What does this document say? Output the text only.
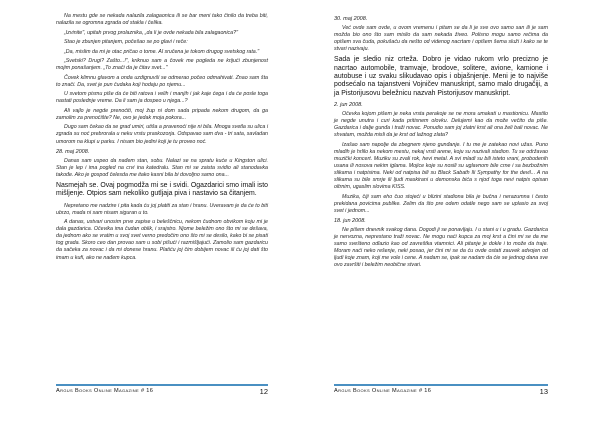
Na mestu gde se nekada nalazila zalagaonica ili se bar meni tako činilo da treba biti, nalazila se ogromna zgrada od stakla i čelika.

„Izvinite", upitah prvog prolaznika, „da li je ovde nekada bila zalagaonica?"

Stao je zbunjen pitanjem, počešao se po glavi i reče:

„Da, mislim da mi je otac pričao o tome. Al sručena je tokom drugog svetskog rata."

„Svetski? Drugi? Zašto...!", kriknuo sam a čovek me pogleda ne krijući zbunjenost mojim ponašanjem. „To znači da je čitav svet..."

Čovek klimnu glavom a onda uzdignuvši se odmerao počeo odmahivati. Znao sam šta to znači. Da, svet je pun čudaka koji hodaju po njemu...

U svetom pismu piše da će biti ratova i velih i manjih i jak kaje ćega i da će posle toga nastati poslednje vreme. Da li sam ja dospeo u njega...?

Ali vajlo je negde prenoćiti, moj žup ni dom sada pripada nekom drugom, da ga zamolim za prenoćište? Ne, ovo je jedak moja pokora...

Dugo sam čekao da se grad umiri, utiša a pravenoći nije ni bila. Mnoga svetla su ulica i zgrada su noć prebrorala u neku vrstu praskozorja. Odspavao sam dva - tri sata, savladan umorom na klupi u parku. I nisam bio jedini koji je tu proveo noć.

28. maj 2008.

Danas sam uspeo da nađem stan, sobu. Nalazi se na spratu kuće u Kingston ulici. Stan je lep i ima pogled na crvi ina katedralu. Stan mi se zaista svidio ali stanodavka takođe. Ako je gospođ čelesda me itako kasni bila bi dovoljno samo ona...

Nasmejah se. Ovaj pogmodža mi se i svidi. Ogazdarici smo imali isto mišljenje. Otpios sam nekoliko gutljaja piva i nastavio sa čitanjem.

Nepretano me nadzire i pita kada ću joj platiti za stan i hranu. Uveravam je da će to biti ubrzo, mada ni sam nisam siguran u to.

A danas, ustvari unosim prve zapise u beleščnicu, nekom čudnom obvikom koju mi je dala gazdarica. Očevika ima čudan oblik, i srajstro. Njome beležim ono što mi se dešava, da jednom ako se vratim u svoj svet verno predočim ono što mi se desilo, kako bi se pisati tog grada. Skoro ceo dan provao sam u sobi pišući i razmišljajući. Zamolio sam gazdaricu da sačeka za novac i da mi donese hranu. Platiću joj čim dobijem novac ili ću joj dati što imam u kufi, ako ne nađem kupca.

Argus Books Online Magazine # 16	12

30. maj 2008.

Već ovde sam ovde, u ovom vremenu i pitam se da li je sve ovo samo san ili je sam možda bio ono što sam mislio da sam nekada živeo. Polisno mogu samo rečima da opišem sva čuda, pokušaću da nešto od videnog nacrtam i opišem šema služi i kako se te stvari nazivaju.

Sada je sledio niz crteža. Dobro je vidao rukom vrlo precizno je nacrtao automobile, tramvaje, brodove, solitere, avione, kamione i autobuse i uz svaku slikudavao opis i objašnjenje. Meni je to najviše podsećalo na tajanstveni Vojničev manuskript, samo malo drugačiji, a ja Pistorijusovu beležnicu nazvah Pistorijusov manuskript.

2. jun 2008.

Očevka kojom pišem je neka vrsta perakoje se ne mora umakati u mastionicu. Mastilo je negde unutra i curi kada pritisnem olovku. Delujemi kao da može večito da piše. Gazdarica i dalje gunđa i traži novac. Ponudio sam joj zlatni krst ali ona želi bali novac. Ne shvatam, možda misli da je krst od lažnog zlata?

Izašao sam napolje da zbegnem njeno gunđanje. I tu me je zatekao novi užas. Puno mladih je hrlilo ka nekom mestu, nekaj vrsti arene, koju su nazivali stadion. Tu se održavao muzički koncert. Muziku su zvali rok, hevi metal. A svi mladi su bili isteto vrani, probodenih usana ili nosova nekim iglama. Mojice koje su nosili su uglavnom bile crne i sa bezbožnim slikama i natpisima. Neki od natpisa bili su Black Sabath Ili Sympathy for the devil... A na slikama su bile smrje ili ljudi maskirani u demonska bića s njod toga nevi natpis opisan oltrnim, ugaslim slovima KISS.

Muzika, čiji sam eho čuo stojeći u blizini stadiona bila je bučna i nerazumna i često prekidana povicima publike. Zelim da što pre odem odatle nego sam se uplasio za svoj svet i jednom...

18. jun 2008.

Ne pišem dnevnik svakog dana. Dogodi ji se ponavljaju. I u stani u i u gradu. Gazdarica je nervozna, neprestano traži novac. Ne mogu naći kupca za moj krst a čini mi se da me samo svešteno odlazio kao od zavreštka vtamnici. Ali pitanje je dokle i to može da traje. Moram naći neko rešenje, neki posao, jer čini mi se da ću ovde ostati zauvek advojen od ljudi koje znam, koji me vole i cene. A nadam se, ipak se nadam da ćie se jednog dana sve ovo završiti i beležim neobične stvari.

Argus Books Online Magazine # 16	13
